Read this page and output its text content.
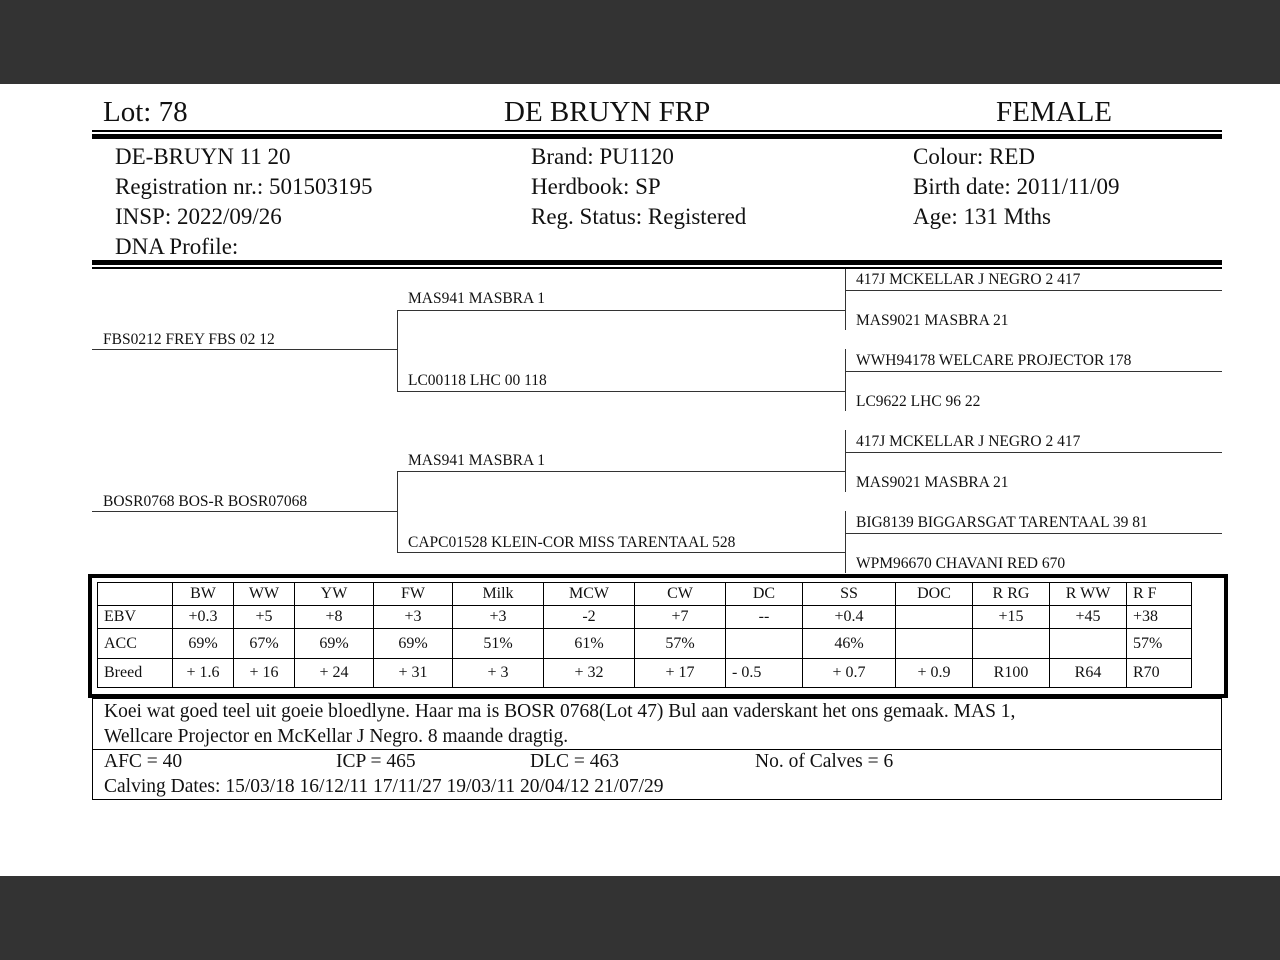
Lot: 78	DE BRUYN FRP	FEMALE
DE-BRUYN 11 20
Registration nr.: 501503195
INSP: 2022/09/26
DNA Profile:
Brand: PU1120
Herdbook: SP
Reg. Status: Registered
Colour: RED
Birth date: 2011/11/09
Age: 131 Mths
FBS0212 FREY FBS 02 12
BOSR0768 BOS-R BOSR07068
MAS941 MASBRA 1
LC00118 LHC 00 118
MAS941 MASBRA 1
CAPC01528 KLEIN-COR MISS TARENTAAL 528
417J MCKELLAR J NEGRO 2 417
MAS9021 MASBRA 21
WWH94178 WELCARE PROJECTOR 178
LC9622 LHC 96 22
417J MCKELLAR J NEGRO 2 417
MAS9021 MASBRA 21
BIG8139 BIGGARSGAT TARENTAAL 39 81
WPM96670 CHAVANI RED 670
	BW	WW	YW	FW	Milk	MCW	CW	DC	SS	DOC	R RG	R WW	R F
EBV	+0.3	+5	+8	+3	+3	-2	+7	--	+0.4		+15	+45	+38
ACC	69%	67%	69%	69%	51%	61%	57%		46%				57%
Breed	+ 1.6	+ 16	+ 24	+ 31	+ 3	+ 32	+ 17	- 0.5	+ 0.7	+ 0.9	R100	R64	R70
Koei wat goed teel uit goeie bloedlyne. Haar ma is BOSR 0768(Lot 47) Bul aan vaderskant het ons gemaak. MAS 1,
Wellcare Projector en McKellar J Negro. 8 maande dragtig.
AFC = 40	ICP = 465	DLC = 463	No. of Calves = 6
Calving Dates: 15/03/18 16/12/11 17/11/27 19/03/11 20/04/12 21/07/29
